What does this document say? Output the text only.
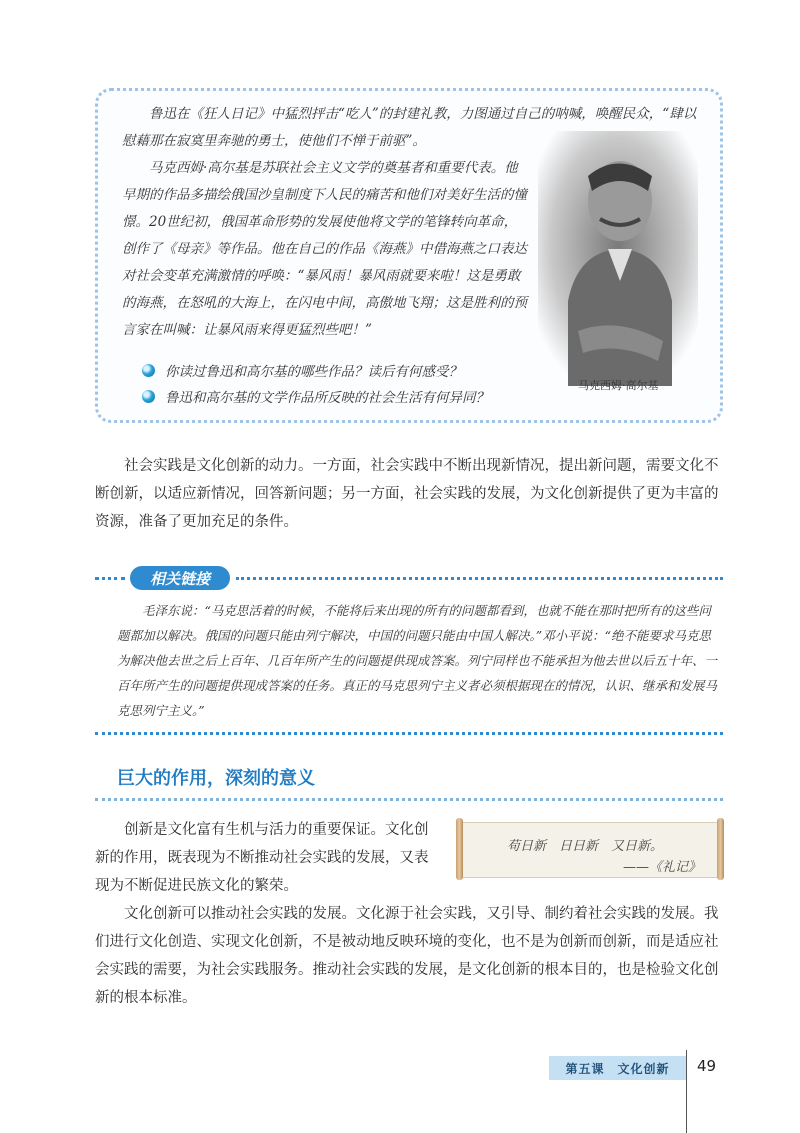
鲁迅在《狂人日记》中猛烈抨击“吃人”的封建礼教，力图通过自己的呐喊，唤醒民众，“肆以慰藉那在寂寞里奔驰的勇士，使他们不惮于前驱”。

马克西姆·高尔基是苏联社会主义文学的奠基者和重要代表。他早期的作品多描绘俄国沙皇制度下人民的痛苦和他们对美好生活的憧憬。20世纪初，俄国革命形势的发展使他将文学的笔锋转向革命，创作了《母亲》等作品。他在自己的作品《海燕》中借海燕之口表达对社会变革充满激情的呼唤：“暴风雨！暴风雨就要来啦！这是勇敢的海燕，在怒吼的大海上，在闪电中间，高傲地飞翔；这是胜利的预言家在叫喊：让暴风雨来得更猛烈些吧！”

马克西姆·高尔基
你读过鲁迅和高尔基的哪些作品？读后有何感受？
鲁迅和高尔基的文学作品所反映的社会生活有何异同？

社会实践是文化创新的动力。一方面，社会实践中不断出现新情况，提出新问题，需要文化不断创新，以适应新情况，回答新问题；另一方面，社会实践的发展，为文化创新提供了更为丰富的资源，准备了更加充足的条件。

相关链接

毛泽东说：“马克思活着的时候，不能将后来出现的所有的问题都看到，也就不能在那时把所有的这些问题都加以解决。俄国的问题只能由列宁解决，中国的问题只能由中国人解决。”邓小平说：“绝不能要求马克思为解决他去世之后上百年、几百年所产生的问题提供现成答案。列宁同样也不能承担为他去世以后五十年、一百年所产生的问题提供现成答案的任务。真正的马克思列宁主义者必须根据现在的情况，认识、继承和发展马克思列宁主义。”

巨大的作用，深刻的意义

苟日新　日日新　又日新。

——《礼记》

创新是文化富有生机与活力的重要保证。文化创新的作用，既表现为不断推动社会实践的发展，又表现为不断促进民族文化的繁荣。

文化创新可以推动社会实践的发展。文化源于社会实践，又引导、制约着社会实践的发展。我们进行文化创造、实现文化创新，不是被动地反映环境的变化，也不是为创新而创新，而是适应社会实践的需要，为社会实践服务。推动社会实践的发展，是文化创新的根本目的，也是检验文化创新的根本标准。

第五课　文化创新	49
